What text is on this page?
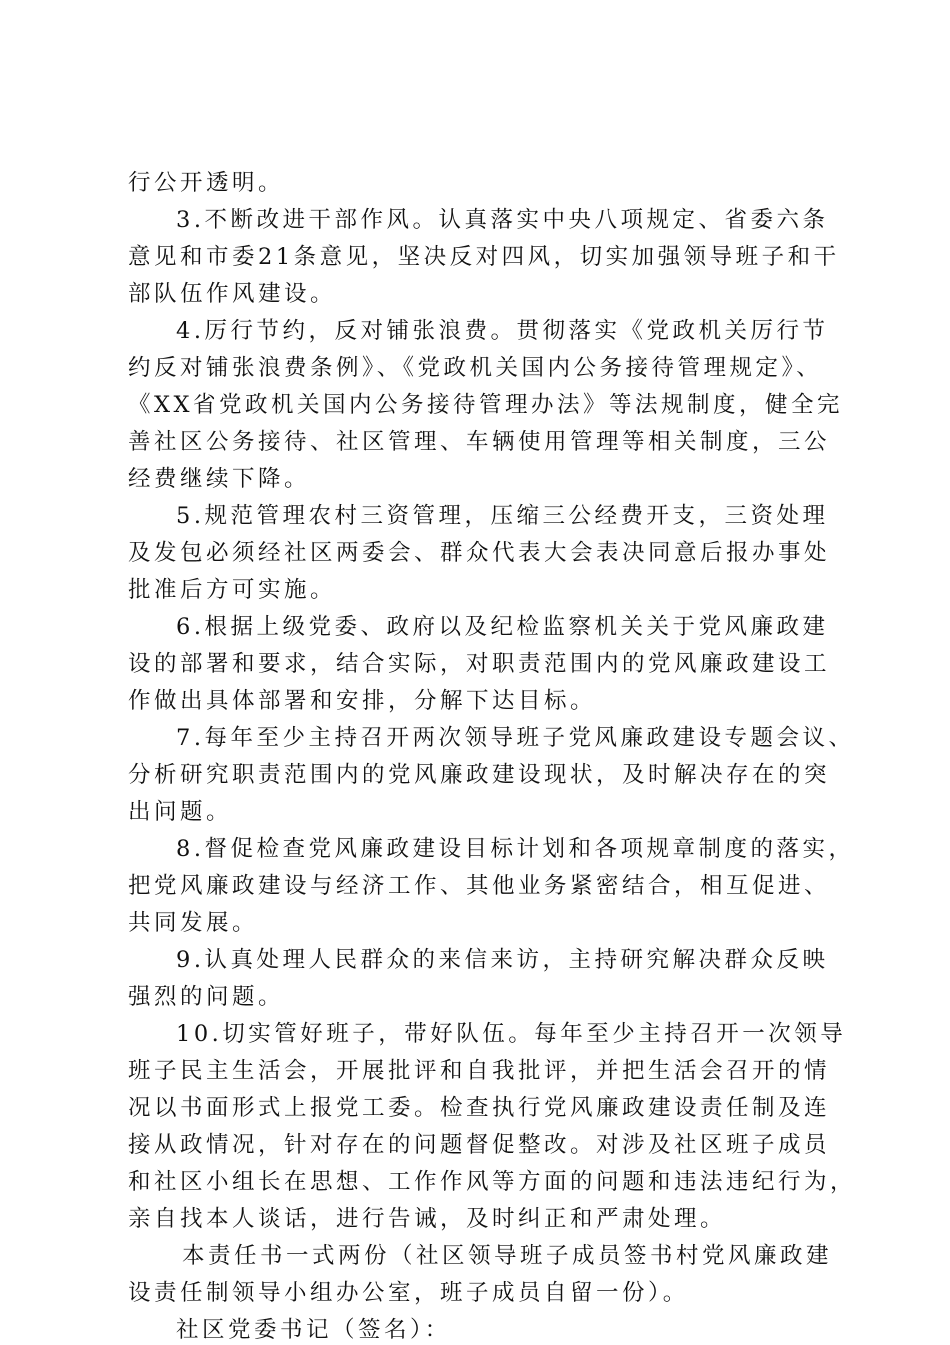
行公开透明。
3.不断改进干部作风。认真落实中央八项规定、省委六条
意见和市委21条意见，坚决反对四风，切实加强领导班子和干
部队伍作风建设。
4.厉行节约，反对铺张浪费。贯彻落实《党政机关厉行节
约反对铺张浪费条例》、《党政机关国内公务接待管理规定》、
《XX省党政机关国内公务接待管理办法》等法规制度，健全完
善社区公务接待、社区管理、车辆使用管理等相关制度，三公
经费继续下降。
5.规范管理农村三资管理，压缩三公经费开支，三资处理
及发包必须经社区两委会、群众代表大会表决同意后报办事处
批准后方可实施。
6.根据上级党委、政府以及纪检监察机关关于党风廉政建
设的部署和要求，结合实际，对职责范围内的党风廉政建设工
作做出具体部署和安排，分解下达目标。
7.每年至少主持召开两次领导班子党风廉政建设专题会议、
分析研究职责范围内的党风廉政建设现状，及时解决存在的突
出问题。
8.督促检查党风廉政建设目标计划和各项规章制度的落实，
把党风廉政建设与经济工作、其他业务紧密结合，相互促进、
共同发展。
9.认真处理人民群众的来信来访，主持研究解决群众反映
强烈的问题。
10.切实管好班子，带好队伍。每年至少主持召开一次领导
班子民主生活会，开展批评和自我批评，并把生活会召开的情
况以书面形式上报党工委。检查执行党风廉政建设责任制及连
接从政情况，针对存在的问题督促整改。对涉及社区班子成员
和社区小组长在思想、工作作风等方面的问题和违法违纪行为，
亲自找本人谈话，进行告诫，及时纠正和严肃处理。
本责任书一式两份（社区领导班子成员签书村党风廉政建
设责任制领导小组办公室，班子成员自留一份）。
社区党委书记（签名）：
